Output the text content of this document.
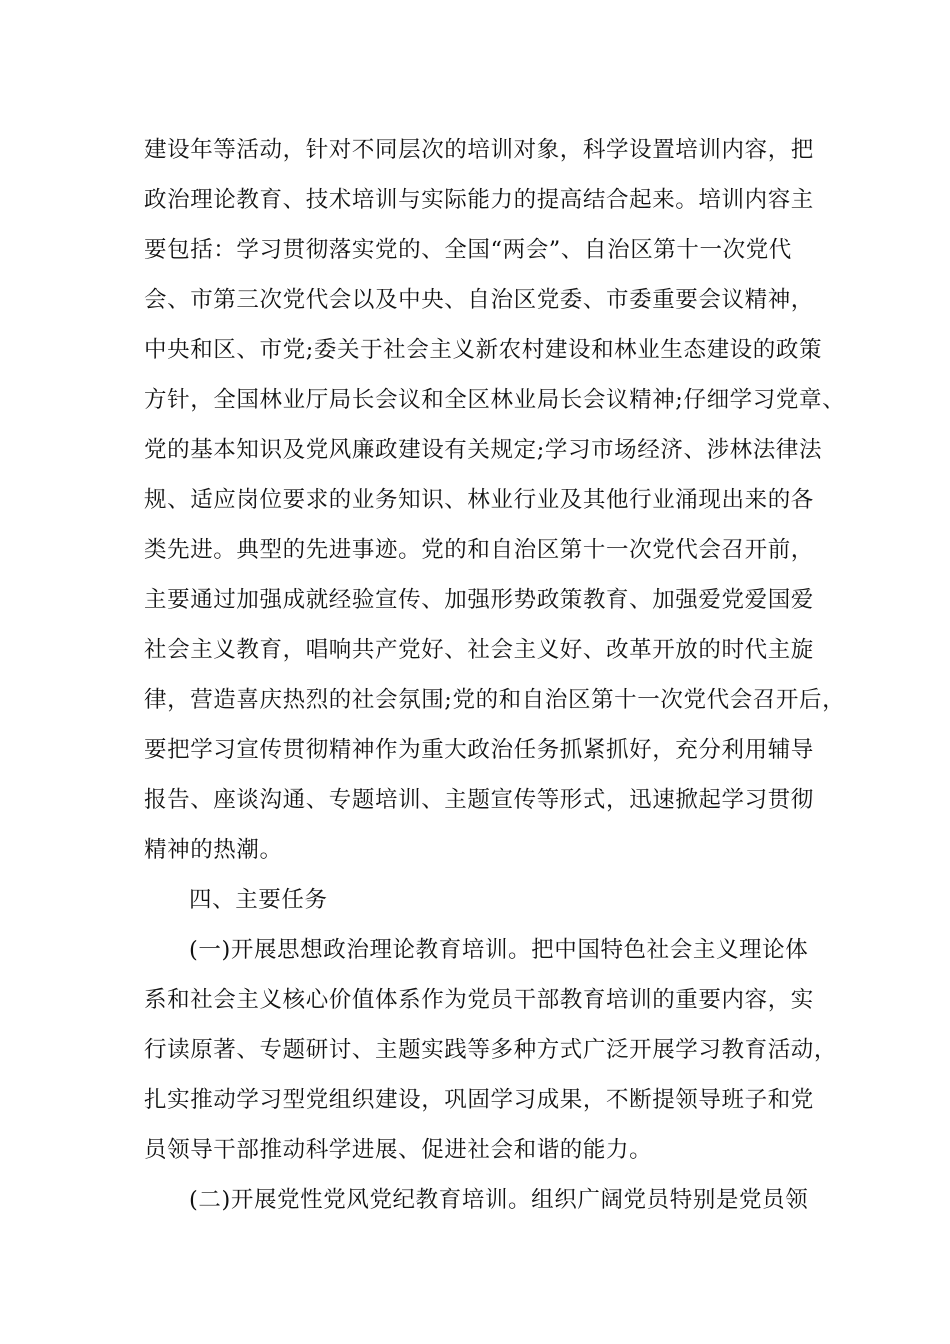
建设年等活动，针对不同层次的培训对象，科学设置培训内容，把
政治理论教育、技术培训与实际能力的提高结合起来。培训内容主
要包括：学习贯彻落实党的、全国“两会”、自治区第十一次党代
会、市第三次党代会以及中央、自治区党委、市委重要会议精神，
中央和区、市党;委关于社会主义新农村建设和林业生态建设的政策
方针，全国林业厅局长会议和全区林业局长会议精神;仔细学习党章、
党的基本知识及党风廉政建设有关规定;学习市场经济、涉林法律法
规、适应岗位要求的业务知识、林业行业及其他行业涌现出来的各
类先进。典型的先进事迹。党的和自治区第十一次党代会召开前，
主要通过加强成就经验宣传、加强形势政策教育、加强爱党爱国爱
社会主义教育，唱响共产党好、社会主义好、改革开放的时代主旋
律，营造喜庆热烈的社会氛围;党的和自治区第十一次党代会召开后，
要把学习宣传贯彻精神作为重大政治任务抓紧抓好，充分利用辅导
报告、座谈沟通、专题培训、主题宣传等形式，迅速掀起学习贯彻
精神的热潮。
四、主要任务
(一)开展思想政治理论教育培训。把中国特色社会主义理论体
系和社会主义核心价值体系作为党员干部教育培训的重要内容，实
行读原著、专题研讨、主题实践等多种方式广泛开展学习教育活动，
扎实推动学习型党组织建设，巩固学习成果，不断提领导班子和党
员领导干部推动科学进展、促进社会和谐的能力。
(二)开展党性党风党纪教育培训。组织广阔党员特别是党员领
